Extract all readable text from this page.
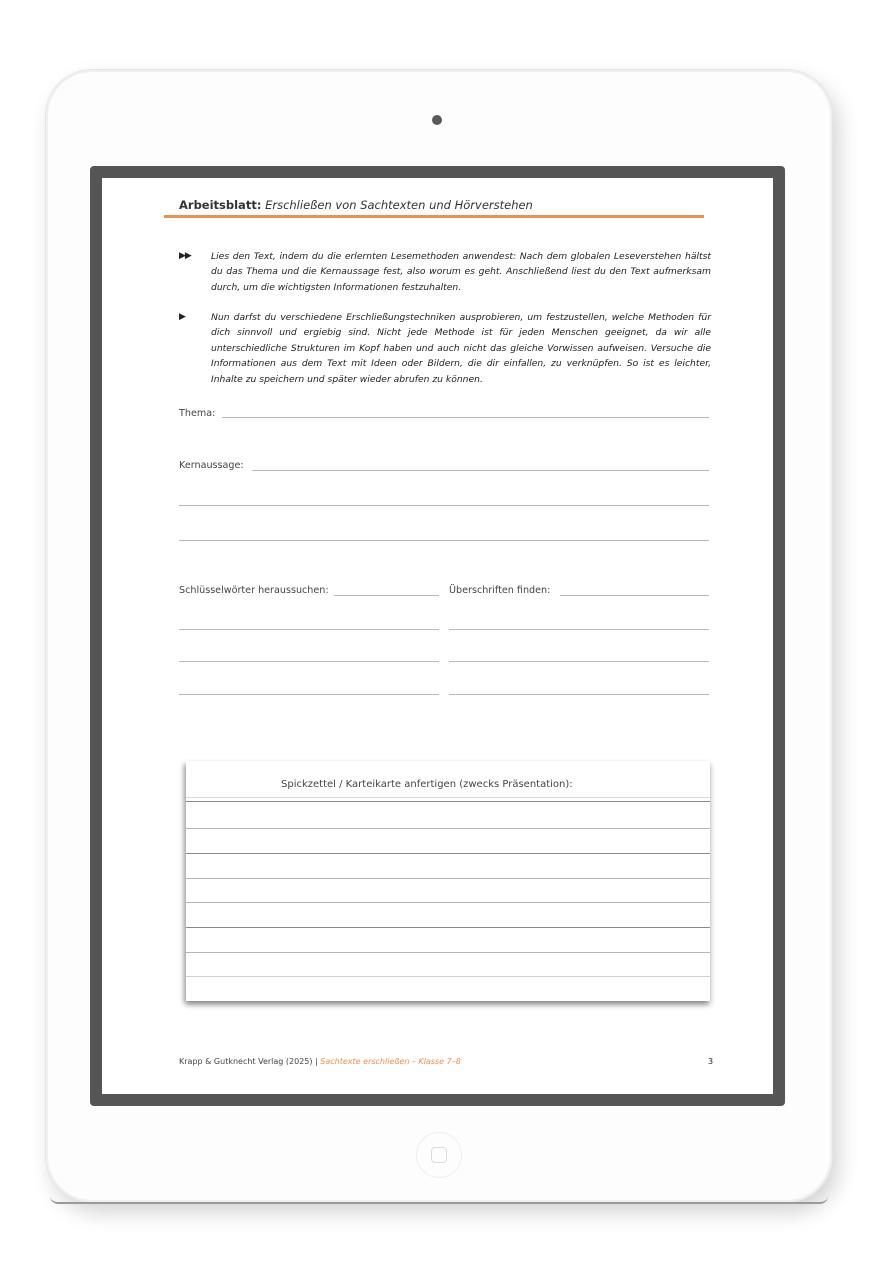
Arbeitsblatt: Erschließen von Sachtexten und Hörverstehen
▶▶ Lies den Text, indem du die erlernten Lesemethoden anwendest: Nach dem globalen Leseverstehen hältst du das Thema und die Kernaussage fest, also worum es geht. Anschließend liest du den Text aufmerksam durch, um die wichtigsten Informationen festzuhalten.
▶	Nun darfst du verschiedene Erschließungstechniken ausprobieren, um festzustellen, welche Methoden für dich sinnvoll und ergiebig sind. Nicht jede Methode ist für jeden Menschen geeignet, da wir alle unterschiedliche Strukturen im Kopf haben und auch nicht das gleiche Vorwissen aufweisen. Versuche die Informationen aus dem Text mit Ideen oder Bildern, die dir einfallen, zu verknüpfen. So ist es leichter, Inhalte zu speichern und später wieder abrufen zu können.
Thema:
Kernaussage:
Schlüsselwörter heraussuchen:	Überschriften finden:
Spickzettel / Karteikarte anfertigen (zwecks Präsentation):
Krapp & Gutknecht Verlag (2025) | Sachtexte erschließen – Klasse 7–8	3
